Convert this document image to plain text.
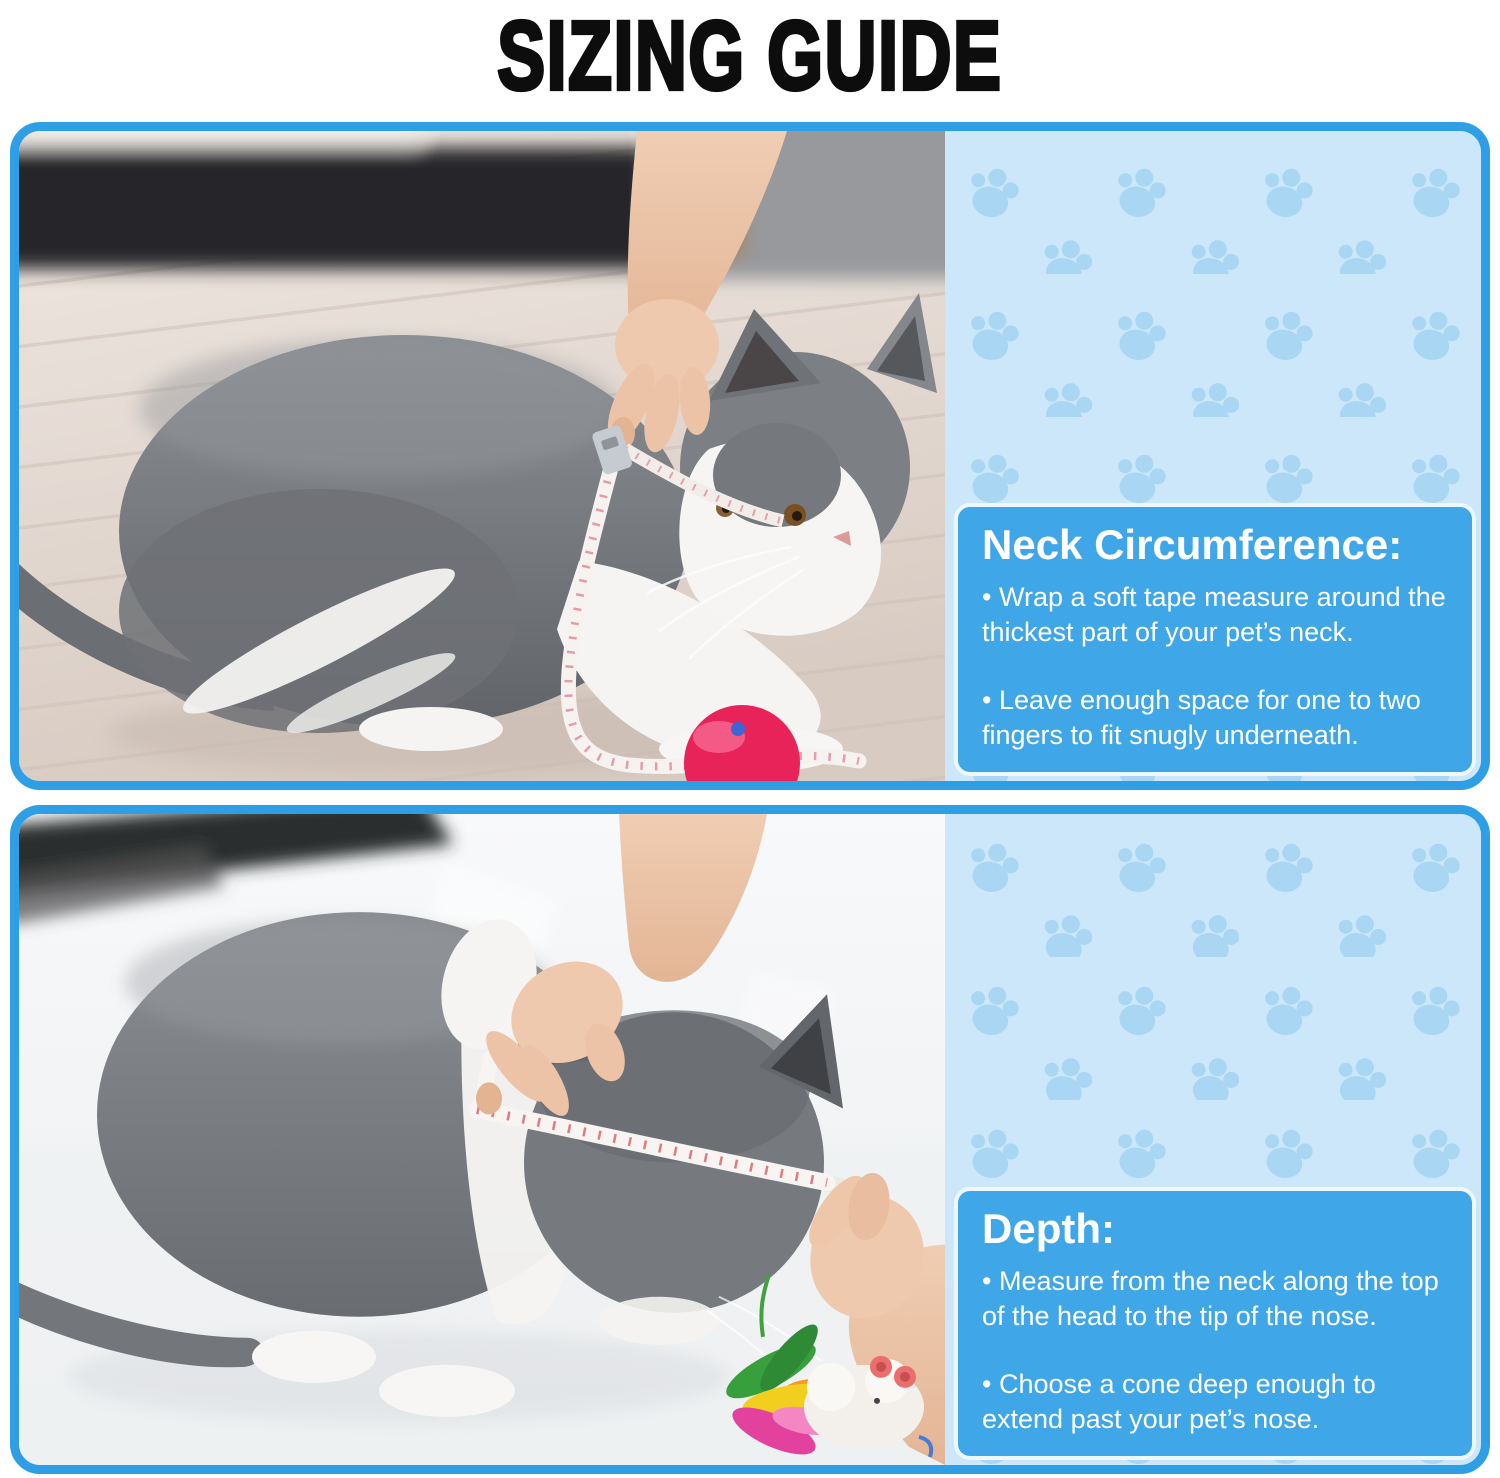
SIZING GUIDE
Neck Circumference:

• Wrap a soft tape measure around the thickest part of your pet’s neck.

• Leave enough space for one to two fingers to fit snugly underneath.

Depth:

• Measure from the neck along the top of the head to the tip of the nose.

• Choose a cone deep enough to extend past your pet’s nose.
